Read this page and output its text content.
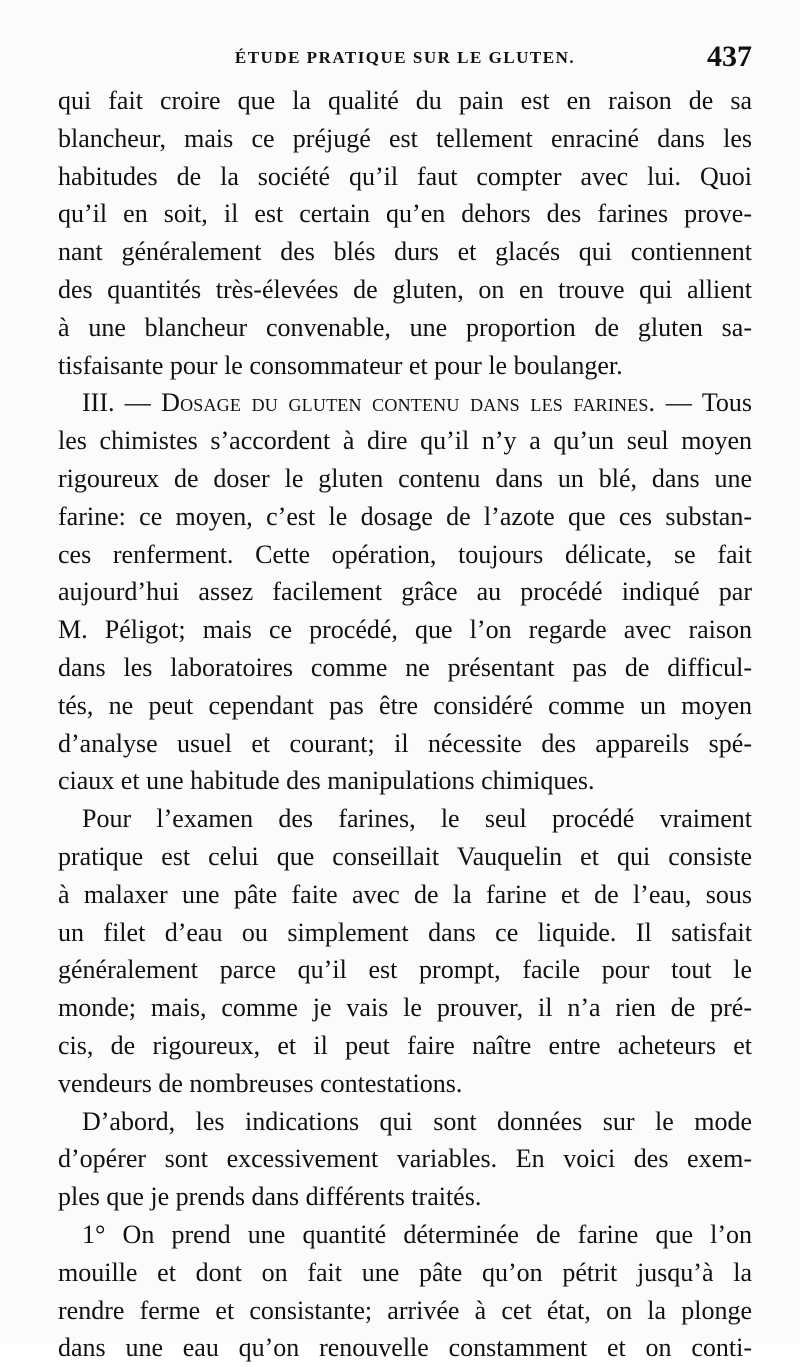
ÉTUDE PRATIQUE SUR LE GLUTEN.	437
qui fait croire que la qualité du pain est en raison de sa
blancheur, mais ce préjugé est tellement enraciné dans les
habitudes de la société qu’il faut compter avec lui. Quoi
qu’il en soit, il est certain qu’en dehors des farines prove-
nant généralement des blés durs et glacés qui contiennent
des quantités très-élevées de gluten, on en trouve qui allient
à une blancheur convenable, une proportion de gluten sa-
tisfaisante pour le consommateur et pour le boulanger.
III. — Dosage du gluten contenu dans les farines. — Tous
les chimistes s’accordent à dire qu’il n’y a qu’un seul moyen
rigoureux de doser le gluten contenu dans un blé, dans une
farine: ce moyen, c’est le dosage de l’azote que ces substan-
ces renferment. Cette opération, toujours délicate, se fait
aujourd’hui assez facilement grâce au procédé indiqué par
M. Péligot; mais ce procédé, que l’on regarde avec raison
dans les laboratoires comme ne présentant pas de difficul-
tés, ne peut cependant pas être considéré comme un moyen
d’analyse usuel et courant; il nécessite des appareils spé-
ciaux et une habitude des manipulations chimiques.
Pour l’examen des farines, le seul procédé vraiment
pratique est celui que conseillait Vauquelin et qui consiste
à malaxer une pâte faite avec de la farine et de l’eau, sous
un filet d’eau ou simplement dans ce liquide. Il satisfait
généralement parce qu’il est prompt, facile pour tout le
monde; mais, comme je vais le prouver, il n’a rien de pré-
cis, de rigoureux, et il peut faire naître entre acheteurs et
vendeurs de nombreuses contestations.
D’abord, les indications qui sont données sur le mode
d’opérer sont excessivement variables. En voici des exem-
ples que je prends dans différents traités.
1° On prend une quantité déterminée de farine que l’on
mouille et dont on fait une pâte qu’on pétrit jusqu’à la
rendre ferme et consistante; arrivée à cet état, on la plonge
dans une eau qu’on renouvelle constamment et on conti-
